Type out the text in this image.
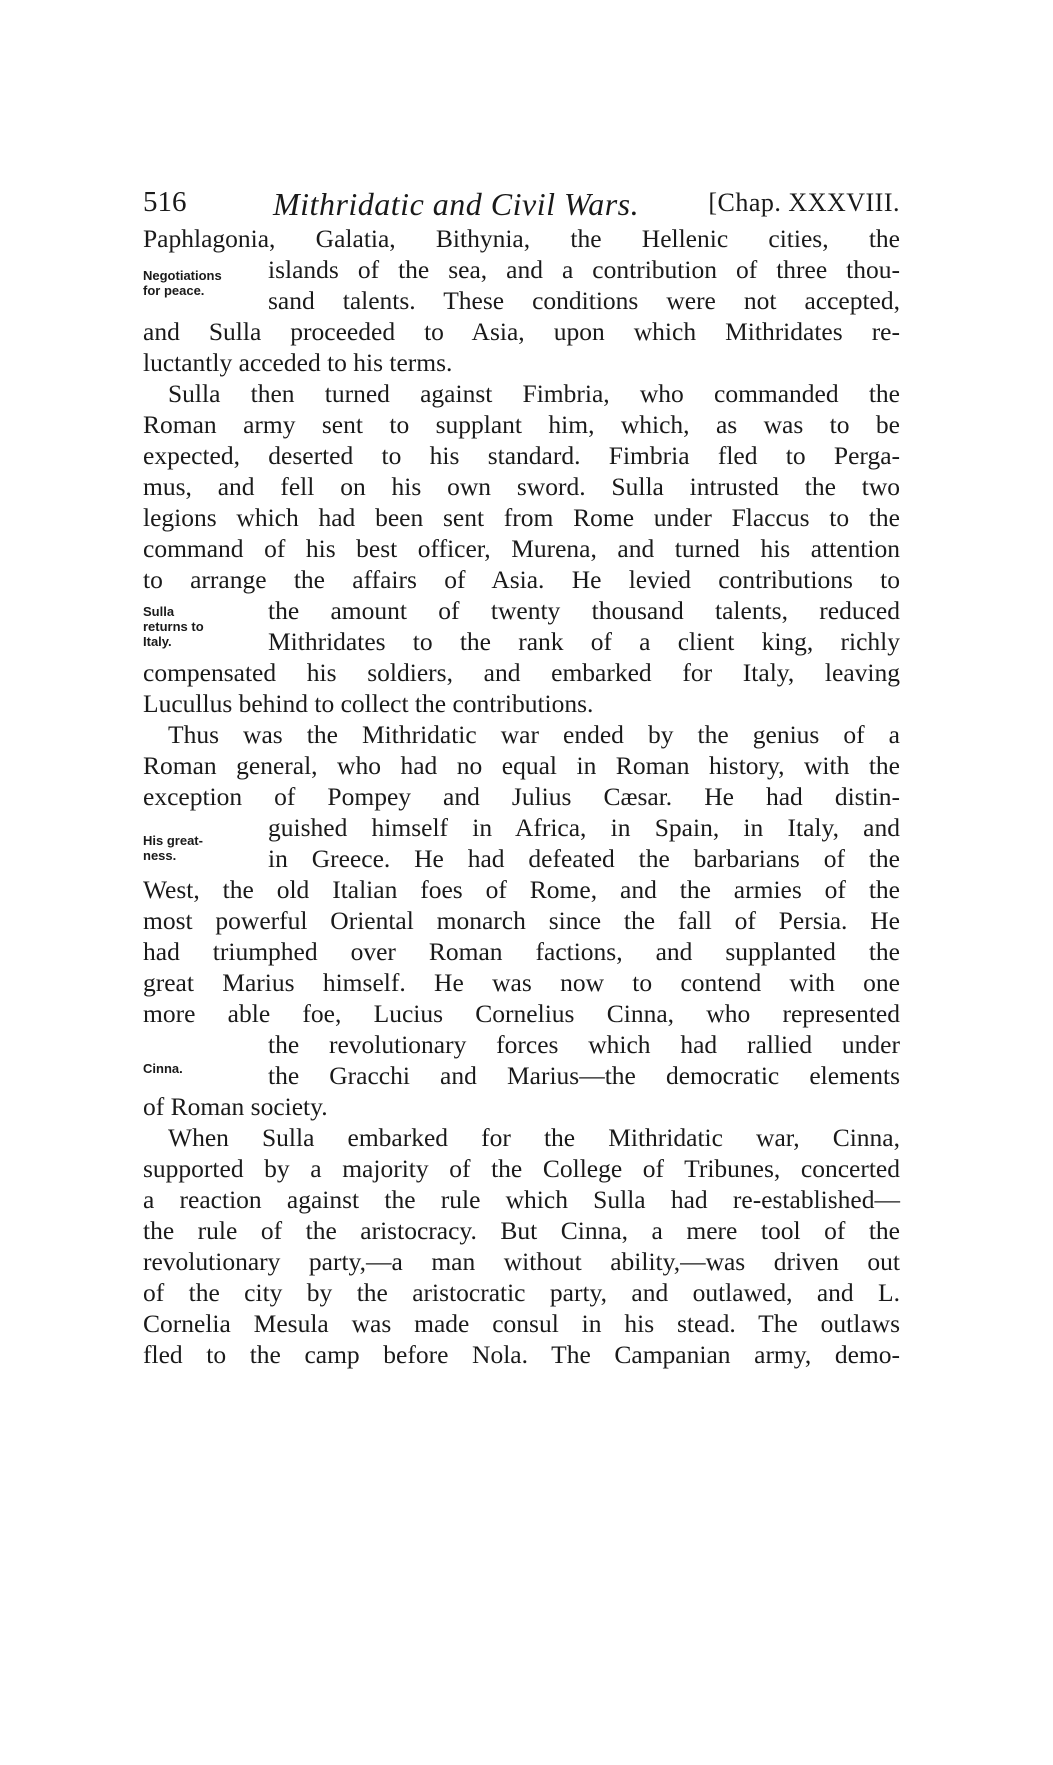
516	Mithridatic and Civil Wars.	[Chap. XXXVIII.
Negotiations
for peace.
Sulla
returns to
Italy.
His great-
ness.
Cinna.
Paphlagonia, Galatia, Bithynia, the Hellenic cities, the
islands of the sea, and a contribution of three thou-
sand talents. These conditions were not accepted,
and Sulla proceeded to Asia, upon which Mithridates re-
luctantly acceded to his terms.
Sulla then turned against Fimbria, who commanded the
Roman army sent to supplant him, which, as was to be
expected, deserted to his standard. Fimbria fled to Perga-
mus, and fell on his own sword. Sulla intrusted the two
legions which had been sent from Rome under Flaccus to the
command of his best officer, Murena, and turned his attention
to arrange the affairs of Asia. He levied contributions to
the amount of twenty thousand talents, reduced
Mithridates to the rank of a client king, richly
compensated his soldiers, and embarked for Italy, leaving
Lucullus behind to collect the contributions.
Thus was the Mithridatic war ended by the genius of a
Roman general, who had no equal in Roman history, with the
exception of Pompey and Julius Cæsar. He had distin-
guished himself in Africa, in Spain, in Italy, and
in Greece. He had defeated the barbarians of the
West, the old Italian foes of Rome, and the armies of the
most powerful Oriental monarch since the fall of Persia. He
had triumphed over Roman factions, and supplanted the
great Marius himself. He was now to contend with one
more able foe, Lucius Cornelius Cinna, who represented
the revolutionary forces which had rallied under
the Gracchi and Marius—the democratic elements
of Roman society.
When Sulla embarked for the Mithridatic war, Cinna,
supported by a majority of the College of Tribunes, concerted
a reaction against the rule which Sulla had re-established—
the rule of the aristocracy. But Cinna, a mere tool of the
revolutionary party,—a man without ability,—was driven out
of the city by the aristocratic party, and outlawed, and L.
Cornelia Mesula was made consul in his stead. The outlaws
fled to the camp before Nola. The Campanian army, demo-
